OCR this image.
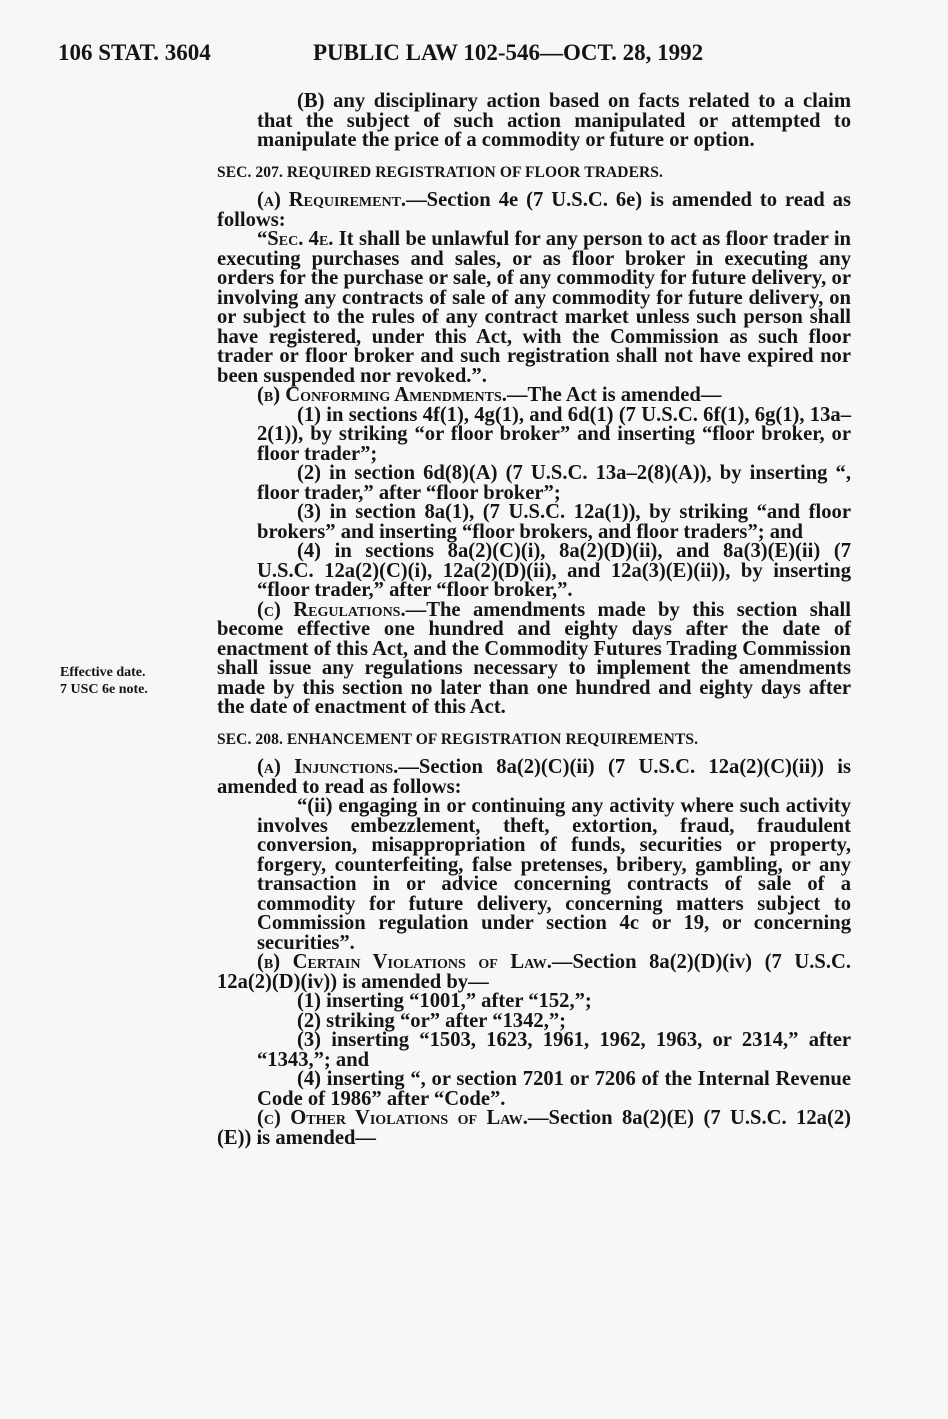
106 STAT. 3604	PUBLIC LAW 102-546—OCT. 28, 1992
Effective date.
7 USC 6e note.

(B) any disciplinary action based on facts related to a claim that the subject of such action manipulated or attempted to manipulate the price of a commodity or future or option.

SEC. 207. REQUIRED REGISTRATION OF FLOOR TRADERS.

(a) Requirement.—Section 4e (7 U.S.C. 6e) is amended to read as follows:

“Sec. 4e. It shall be unlawful for any person to act as floor trader in executing purchases and sales, or as floor broker in executing any orders for the purchase or sale, of any commodity for future delivery, or involving any contracts of sale of any commodity for future delivery, on or subject to the rules of any contract market unless such person shall have registered, under this Act, with the Commission as such floor trader or floor broker and such registration shall not have expired nor been suspended nor revoked.”.

(b) Conforming Amendments.—The Act is amended—

(1) in sections 4f(1), 4g(1), and 6d(1) (7 U.S.C. 6f(1), 6g(1), 13a–2(1)), by striking “or floor broker” and inserting “floor broker, or floor trader”;

(2) in section 6d(8)(A) (7 U.S.C. 13a–2(8)(A)), by inserting “, floor trader,” after “floor broker”;

(3) in section 8a(1), (7 U.S.C. 12a(1)), by striking “and floor brokers” and inserting “floor brokers, and floor traders”; and

(4) in sections 8a(2)(C)(i), 8a(2)(D)(ii), and 8a(3)(E)(ii) (7 U.S.C. 12a(2)(C)(i), 12a(2)(D)(ii), and 12a(3)(E)(ii)), by inserting “floor trader,” after “floor broker,”.

(c) Regulations.—The amendments made by this section shall become effective one hundred and eighty days after the date of enactment of this Act, and the Commodity Futures Trading Commission shall issue any regulations necessary to implement the amendments made by this section no later than one hundred and eighty days after the date of enactment of this Act.

SEC. 208. ENHANCEMENT OF REGISTRATION REQUIREMENTS.

(a) Injunctions.—Section 8a(2)(C)(ii) (7 U.S.C. 12a(2)(C)(ii)) is amended to read as follows:

“(ii) engaging in or continuing any activity where such activity involves embezzlement, theft, extortion, fraud, fraudulent conversion, misappropriation of funds, securities or property, forgery, counterfeiting, false pretenses, bribery, gambling, or any transaction in or advice concerning contracts of sale of a commodity for future delivery, concerning matters subject to Commission regulation under section 4c or 19, or concerning securities”.

(b) Certain Violations of Law.—Section 8a(2)(D)(iv) (7 U.S.C. 12a(2)(D)(iv)) is amended by—

(1) inserting “1001,” after “152,”;

(2) striking “or” after “1342,”;

(3) inserting “1503, 1623, 1961, 1962, 1963, or 2314,” after “1343,”; and

(4) inserting “, or section 7201 or 7206 of the Internal Revenue Code of 1986” after “Code”.

(c) Other Violations of Law.—Section 8a(2)(E) (7 U.S.C. 12a(2)(E)) is amended—
